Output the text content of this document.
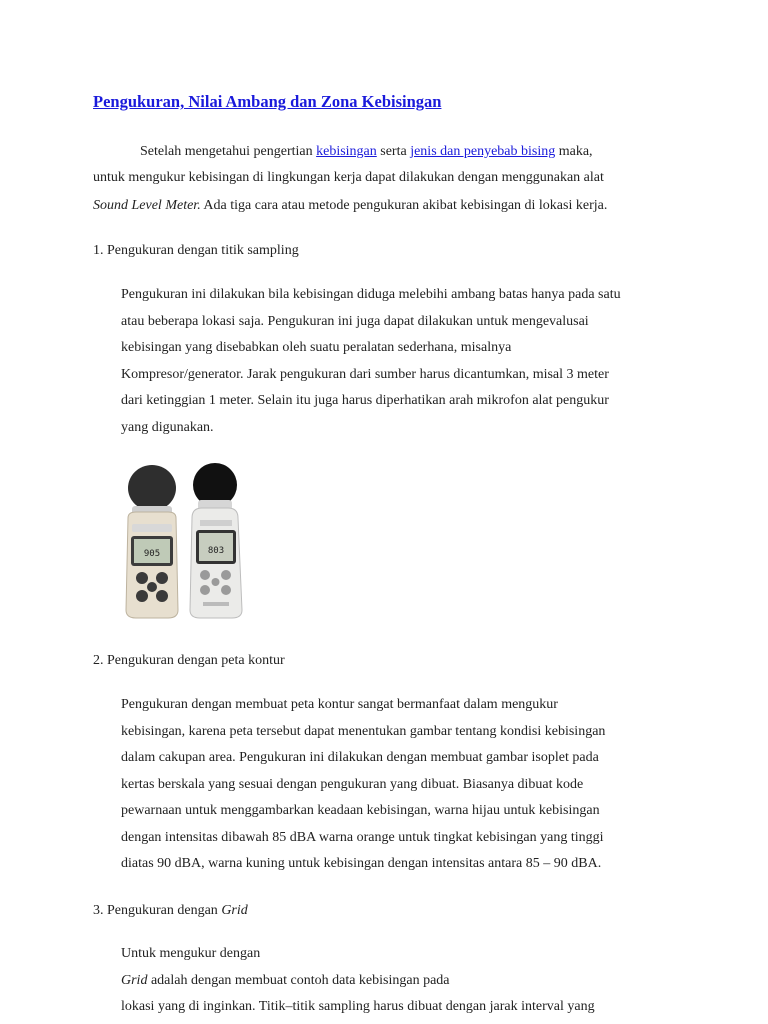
Pengukuran, Nilai Ambang dan Zona Kebisingan

Setelah mengetahui pengertian kebisingan serta jenis dan penyebab bising maka,

untuk mengukur kebisingan di lingkungan kerja dapat dilakukan dengan menggunakan alat

Sound Level Meter. Ada tiga cara atau metode pengukuran akibat kebisingan di lokasi kerja.

1. Pengukuran dengan titik sampling

Pengukuran ini dilakukan bila kebisingan diduga melebihi ambang batas hanya pada satu
atau beberapa lokasi saja. Pengukuran ini juga dapat dilakukan untuk mengevalusai
kebisingan yang disebabkan oleh suatu peralatan sederhana, misalnya
Kompresor/generator. Jarak pengukuran dari sumber harus dicantumkan, misal 3 meter
dari ketinggian 1 meter. Selain itu juga harus diperhatikan arah mikrofon alat pengukur
yang digunakan.

905	803

2. Pengukuran dengan peta kontur

Pengukuran dengan membuat peta kontur sangat bermanfaat dalam mengukur
kebisingan, karena peta tersebut dapat menentukan gambar tentang kondisi kebisingan
dalam cakupan area. Pengukuran ini dilakukan dengan membuat gambar isoplet pada
kertas berskala yang sesuai dengan pengukuran yang dibuat. Biasanya dibuat kode
pewarnaan untuk menggambarkan keadaan kebisingan, warna hijau untuk kebisingan
dengan intensitas dibawah 85 dBA warna orange untuk tingkat kebisingan yang tinggi
diatas 90 dBA, warna kuning untuk kebisingan dengan intensitas antara 85 – 90 dBA.

3. Pengukuran dengan Grid

Untuk mengukur dengan
Grid adalah dengan membuat contoh data kebisingan pada
lokasi yang di inginkan. Titik–titik sampling harus dibuat dengan jarak interval yang
